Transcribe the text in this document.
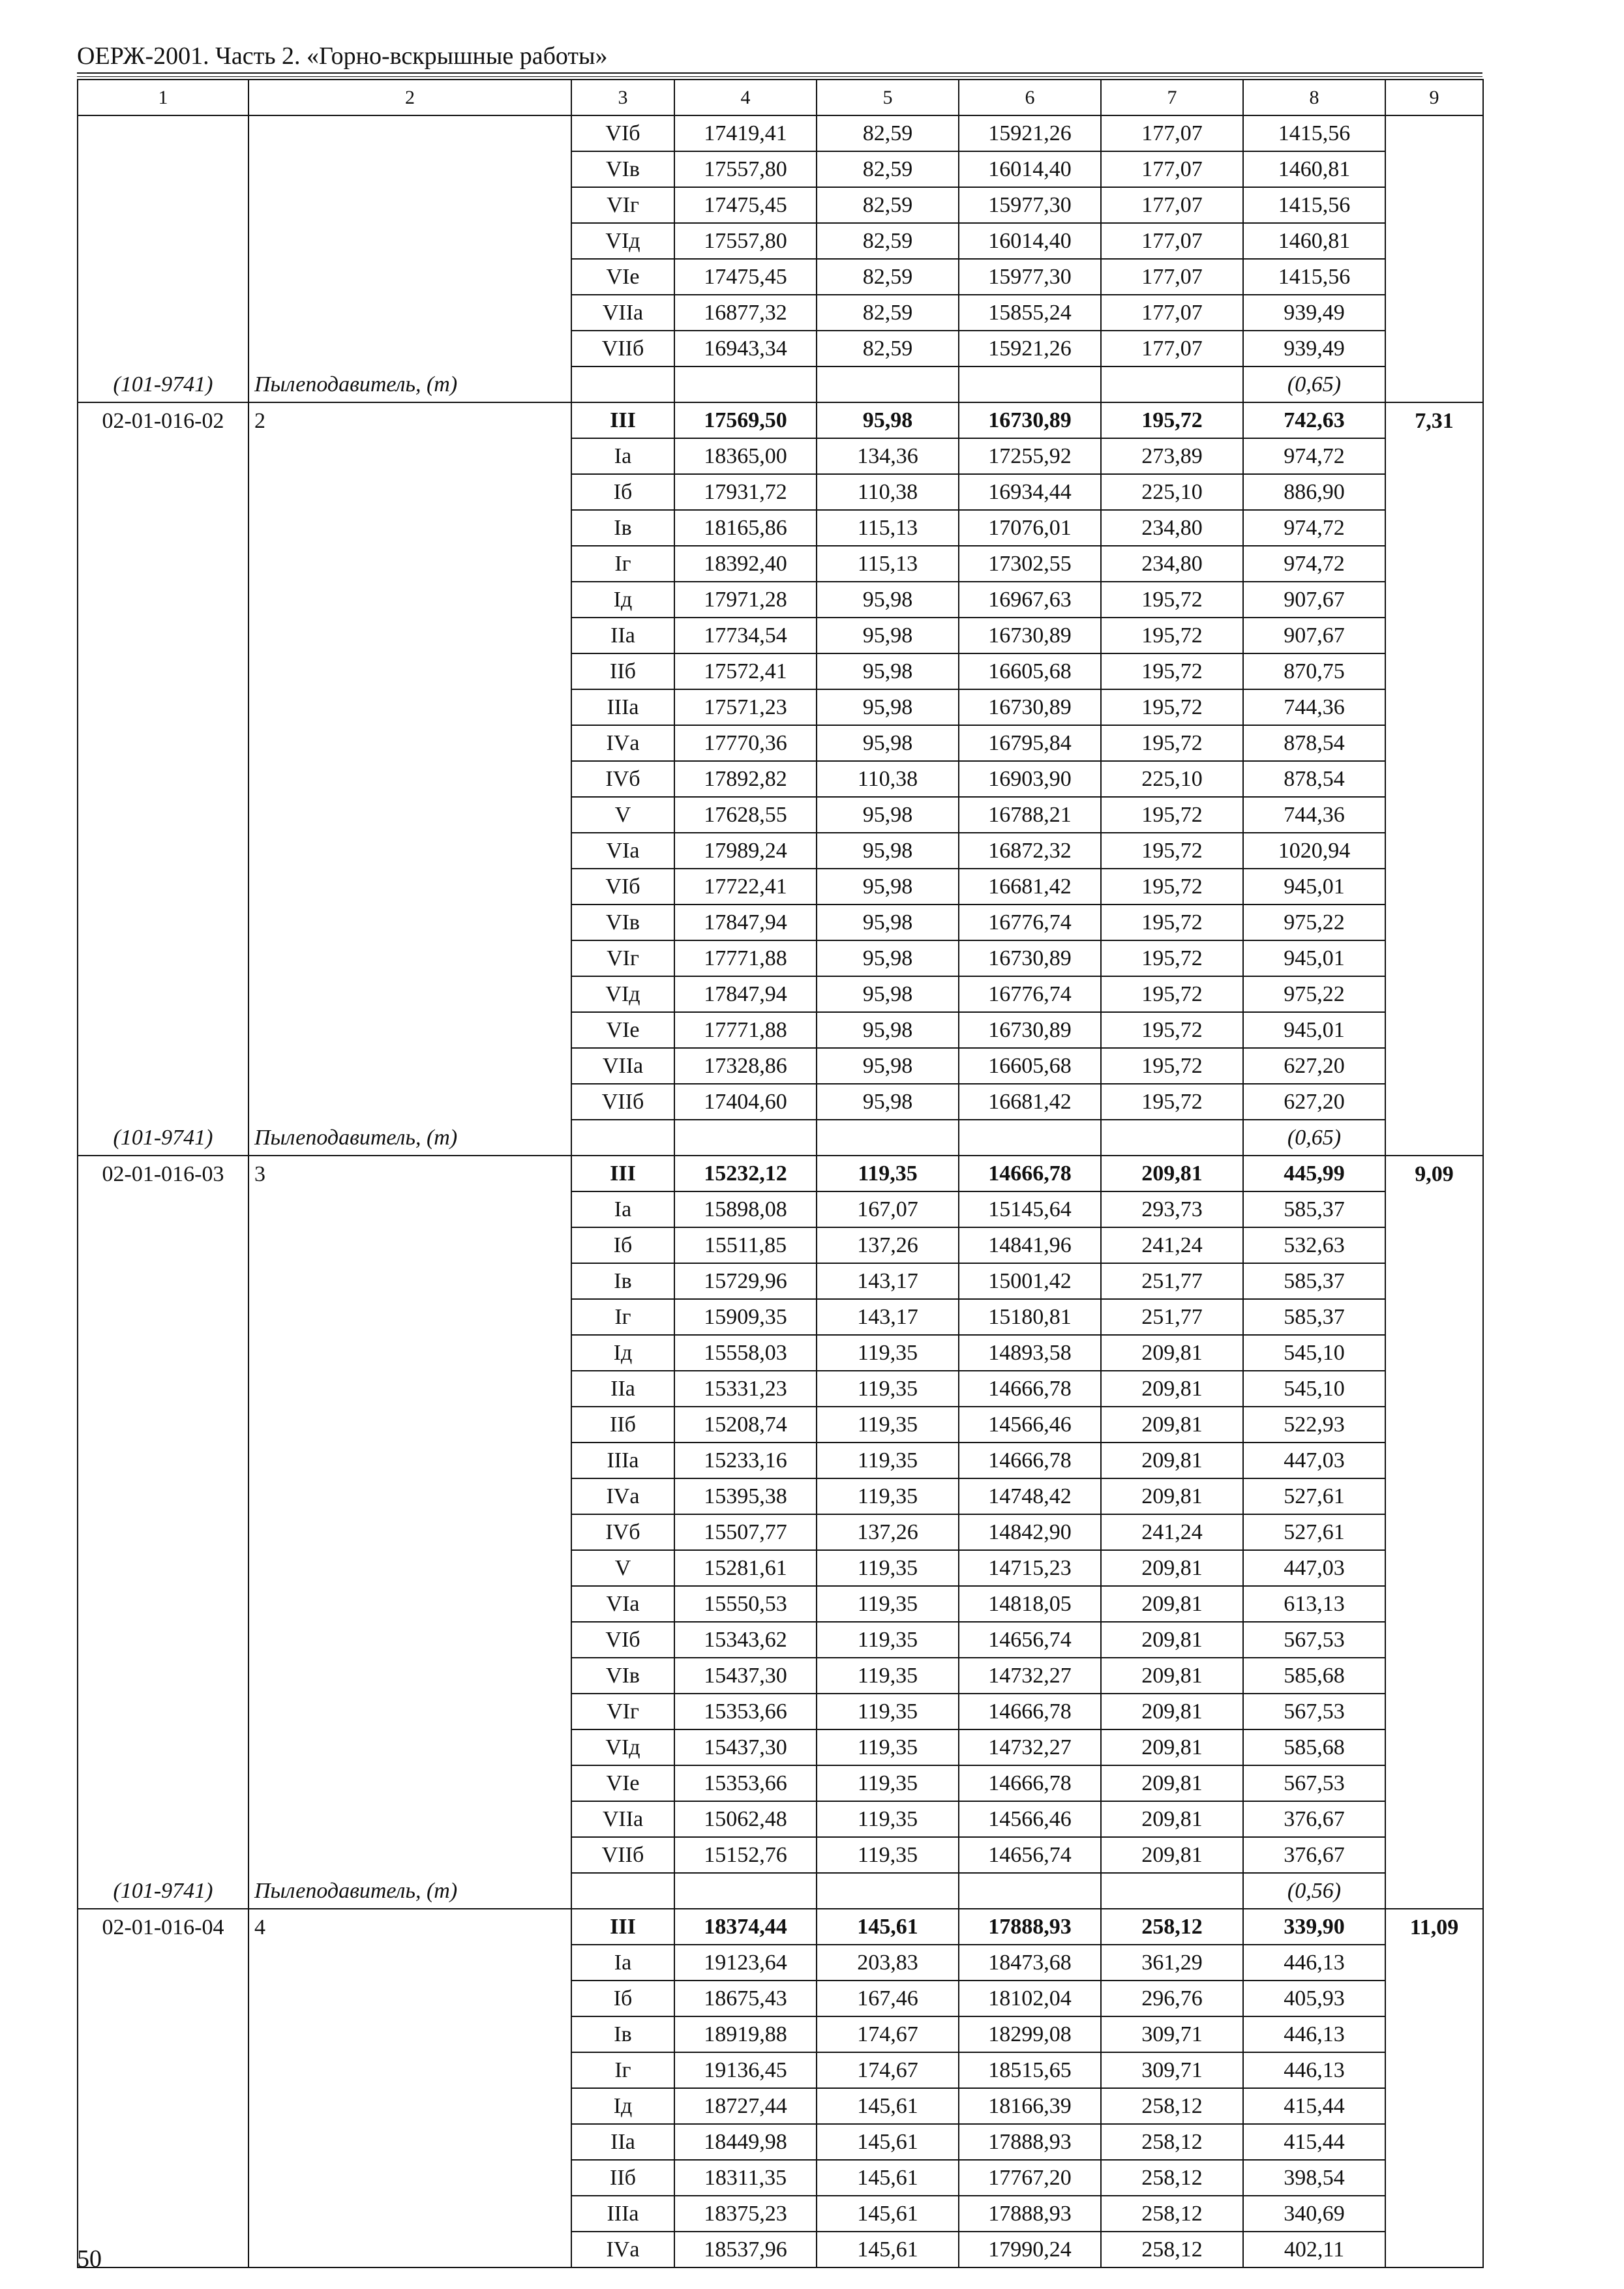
ОЕРЖ-2001. Часть 2. «Горно-вскрышные работы»
1	2	3	4	5	6	7	8	9
		VIб	17419,41	82,59	15921,26	177,07	1415,56	
		VIв	17557,80	82,59	16014,40	177,07	1460,81	
		VIг	17475,45	82,59	15977,30	177,07	1415,56	
		VIд	17557,80	82,59	16014,40	177,07	1460,81	
		VIе	17475,45	82,59	15977,30	177,07	1415,56	
		VIIа	16877,32	82,59	15855,24	177,07	939,49	
		VIIб	16943,34	82,59	15921,26	177,07	939,49	
(101-9741)	Пылеподавитель, (т)						(0,65)	
02-01-016-02	2	III	17569,50	95,98	16730,89	195,72	742,63	7,31
		Iа	18365,00	134,36	17255,92	273,89	974,72	
		Iб	17931,72	110,38	16934,44	225,10	886,90	
		Iв	18165,86	115,13	17076,01	234,80	974,72	
		Iг	18392,40	115,13	17302,55	234,80	974,72	
		Iд	17971,28	95,98	16967,63	195,72	907,67	
		IIа	17734,54	95,98	16730,89	195,72	907,67	
		IIб	17572,41	95,98	16605,68	195,72	870,75	
		IIIа	17571,23	95,98	16730,89	195,72	744,36	
		IVа	17770,36	95,98	16795,84	195,72	878,54	
		IVб	17892,82	110,38	16903,90	225,10	878,54	
		V	17628,55	95,98	16788,21	195,72	744,36	
		VIа	17989,24	95,98	16872,32	195,72	1020,94	
		VIб	17722,41	95,98	16681,42	195,72	945,01	
		VIв	17847,94	95,98	16776,74	195,72	975,22	
		VIг	17771,88	95,98	16730,89	195,72	945,01	
		VIд	17847,94	95,98	16776,74	195,72	975,22	
		VIе	17771,88	95,98	16730,89	195,72	945,01	
		VIIа	17328,86	95,98	16605,68	195,72	627,20	
		VIIб	17404,60	95,98	16681,42	195,72	627,20	
(101-9741)	Пылеподавитель, (т)						(0,65)	
02-01-016-03	3	III	15232,12	119,35	14666,78	209,81	445,99	9,09
		Iа	15898,08	167,07	15145,64	293,73	585,37	
		Iб	15511,85	137,26	14841,96	241,24	532,63	
		Iв	15729,96	143,17	15001,42	251,77	585,37	
		Iг	15909,35	143,17	15180,81	251,77	585,37	
		Iд	15558,03	119,35	14893,58	209,81	545,10	
		IIа	15331,23	119,35	14666,78	209,81	545,10	
		IIб	15208,74	119,35	14566,46	209,81	522,93	
		IIIа	15233,16	119,35	14666,78	209,81	447,03	
		IVа	15395,38	119,35	14748,42	209,81	527,61	
		IVб	15507,77	137,26	14842,90	241,24	527,61	
		V	15281,61	119,35	14715,23	209,81	447,03	
		VIа	15550,53	119,35	14818,05	209,81	613,13	
		VIб	15343,62	119,35	14656,74	209,81	567,53	
		VIв	15437,30	119,35	14732,27	209,81	585,68	
		VIг	15353,66	119,35	14666,78	209,81	567,53	
		VIд	15437,30	119,35	14732,27	209,81	585,68	
		VIе	15353,66	119,35	14666,78	209,81	567,53	
		VIIа	15062,48	119,35	14566,46	209,81	376,67	
		VIIб	15152,76	119,35	14656,74	209,81	376,67	
(101-9741)	Пылеподавитель, (т)						(0,56)	
02-01-016-04	4	III	18374,44	145,61	17888,93	258,12	339,90	11,09
		Iа	19123,64	203,83	18473,68	361,29	446,13	
		Iб	18675,43	167,46	18102,04	296,76	405,93	
		Iв	18919,88	174,67	18299,08	309,71	446,13	
		Iг	19136,45	174,67	18515,65	309,71	446,13	
		Iд	18727,44	145,61	18166,39	258,12	415,44	
		IIа	18449,98	145,61	17888,93	258,12	415,44	
		IIб	18311,35	145,61	17767,20	258,12	398,54	
		IIIа	18375,23	145,61	17888,93	258,12	340,69	
		IVа	18537,96	145,61	17990,24	258,12	402,11	
50
